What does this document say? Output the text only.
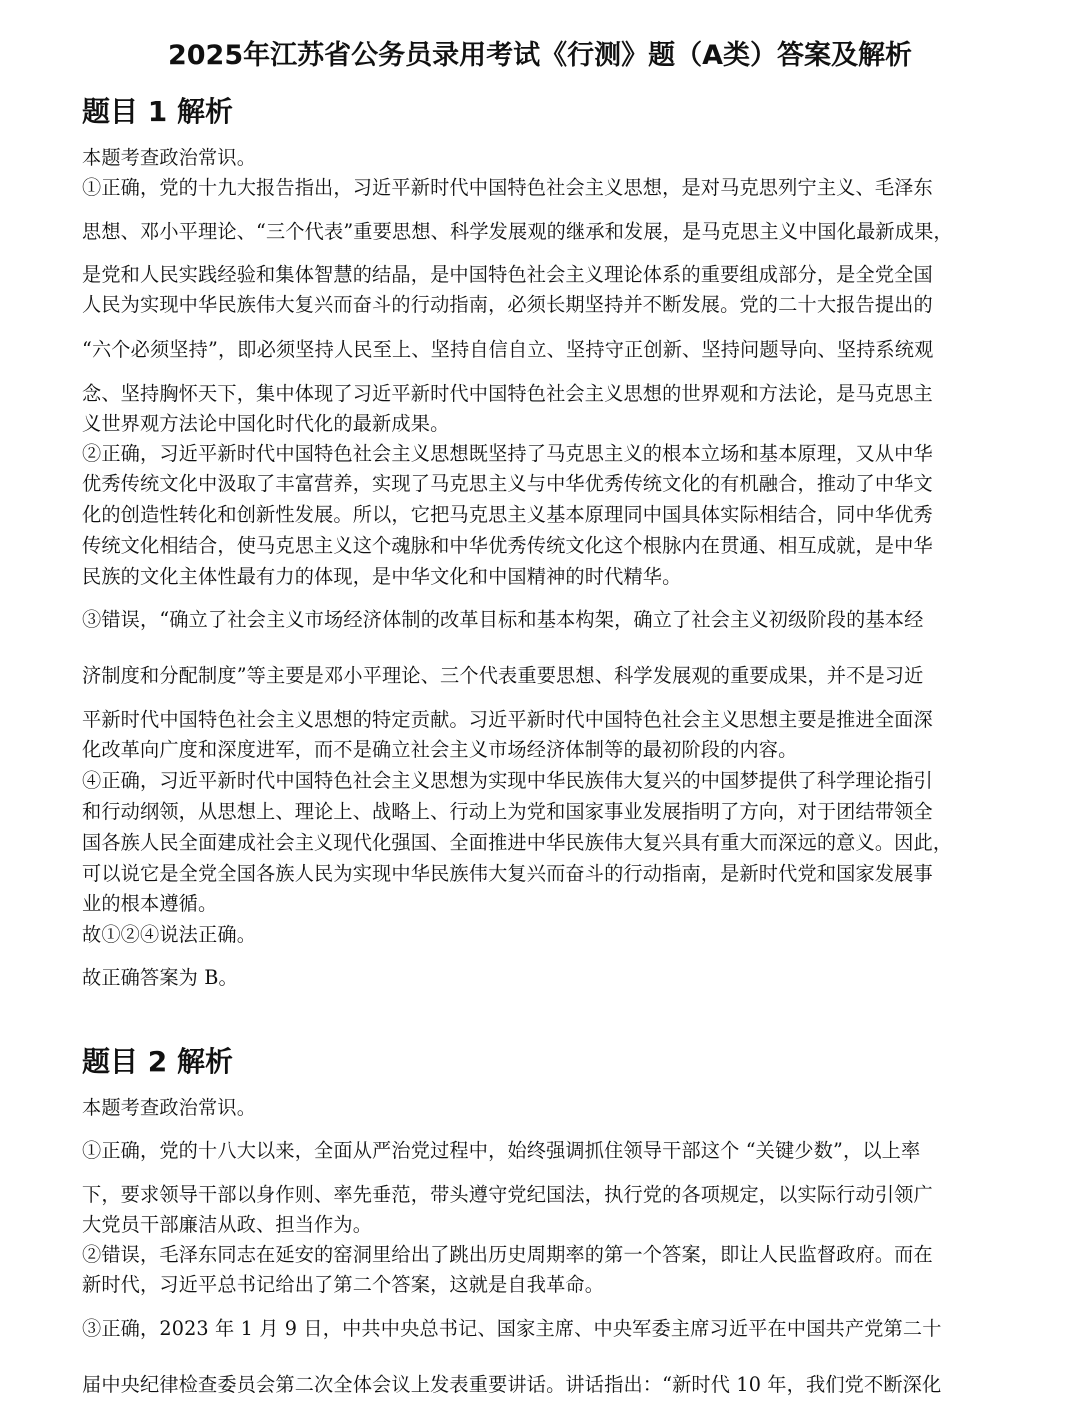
2025年江苏省公务员录用考试《行测》题（A类）答案及解析
题目 1 解析
本题考查政治常识。
①正确，党的十九大报告指出，习近平新时代中国特色社会主义思想，是对马克思列宁主义、毛泽东
思想、邓小平理论、“三个代表”重要思想、科学发展观的继承和发展，是马克思主义中国化最新成果，
是党和人民实践经验和集体智慧的结晶，是中国特色社会主义理论体系的重要组成部分，是全党全国
人民为实现中华民族伟大复兴而奋斗的行动指南，必须长期坚持并不断发展。党的二十大报告提出的
“六个必须坚持”，即必须坚持人民至上、坚持自信自立、坚持守正创新、坚持问题导向、坚持系统观
念、坚持胸怀天下，集中体现了习近平新时代中国特色社会主义思想的世界观和方法论，是马克思主
义世界观方法论中国化时代化的最新成果。
②正确，习近平新时代中国特色社会主义思想既坚持了马克思主义的根本立场和基本原理，又从中华
优秀传统文化中汲取了丰富营养，实现了马克思主义与中华优秀传统文化的有机融合，推动了中华文
化的创造性转化和创新性发展。所以，它把马克思主义基本原理同中国具体实际相结合，同中华优秀
传统文化相结合，使马克思主义这个魂脉和中华优秀传统文化这个根脉内在贯通、相互成就，是中华
民族的文化主体性最有力的体现，是中华文化和中国精神的时代精华。
③错误，“确立了社会主义市场经济体制的改革目标和基本构架，确立了社会主义初级阶段的基本经
济制度和分配制度”等主要是邓小平理论、三个代表重要思想、科学发展观的重要成果，并不是习近
平新时代中国特色社会主义思想的特定贡献。习近平新时代中国特色社会主义思想主要是推进全面深
化改革向广度和深度进军，而不是确立社会主义市场经济体制等的最初阶段的内容。
④正确，习近平新时代中国特色社会主义思想为实现中华民族伟大复兴的中国梦提供了科学理论指引
和行动纲领，从思想上、理论上、战略上、行动上为党和国家事业发展指明了方向，对于团结带领全
国各族人民全面建成社会主义现代化强国、全面推进中华民族伟大复兴具有重大而深远的意义。因此，
可以说它是全党全国各族人民为实现中华民族伟大复兴而奋斗的行动指南，是新时代党和国家发展事
业的根本遵循。
故①②④说法正确。
故正确答案为 B。
题目 2 解析
本题考查政治常识。
①正确，党的十八大以来，全面从严治党过程中，始终强调抓住领导干部这个 “关键少数”，以上率
下，要求领导干部以身作则、率先垂范，带头遵守党纪国法，执行党的各项规定，以实际行动引领广
大党员干部廉洁从政、担当作为。
②错误，毛泽东同志在延安的窑洞里给出了跳出历史周期率的第一个答案，即让人民监督政府。而在
新时代，习近平总书记给出了第二个答案，这就是自我革命。
③正确，2023 年 1 月 9 日，中共中央总书记、国家主席、中央军委主席习近平在中国共产党第二十
届中央纪律检查委员会第二次全体会议上发表重要讲话。讲话指出：“新时代 10 年，我们党不断深化
